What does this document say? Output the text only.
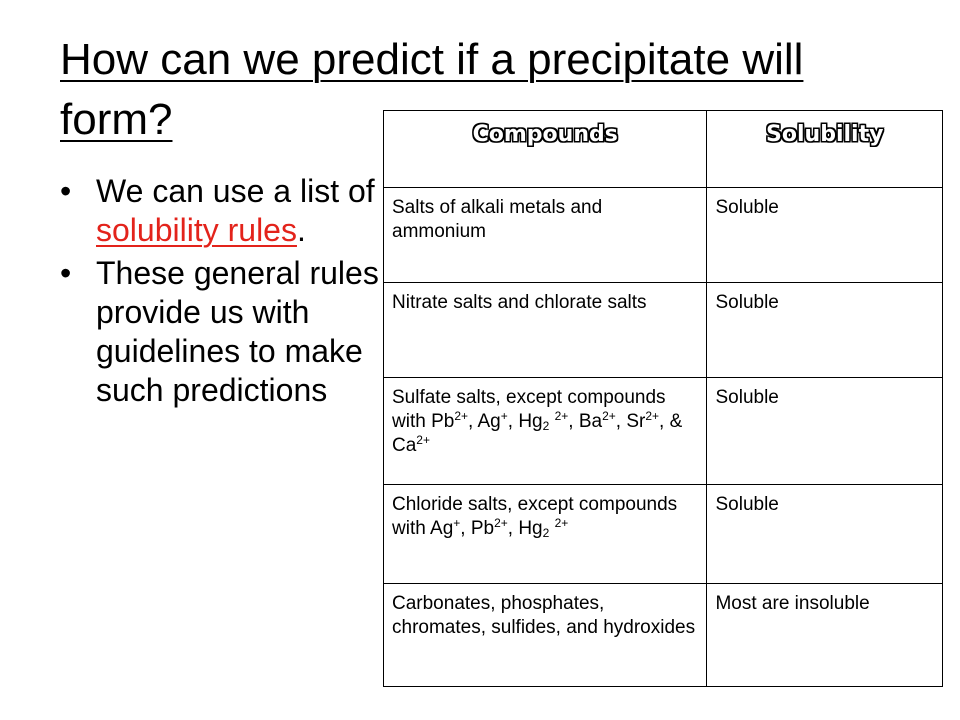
How can we predict if a precipitate will form?
• We can use a list of solubility rules.
• These general rules provide us with guidelines to make such predictions
Compounds	Solubility
Salts of alkali metals and ammonium	Soluble
Nitrate salts and chlorate salts	Soluble
Sulfate salts, except compounds with $Pb^{2+}$, Ag+, $Hg_2$ $^{2+}$, $Ba^{2+}$, $Sr^{2+}$, & $Ca^{2+}$	Soluble
Chloride salts, except compounds with Ag+, $Pb^{2+}$, $Hg_2$ $^{2+}$	Soluble
Carbonates, phosphates, chromates, sulfides, and hydroxides	Most are insoluble
